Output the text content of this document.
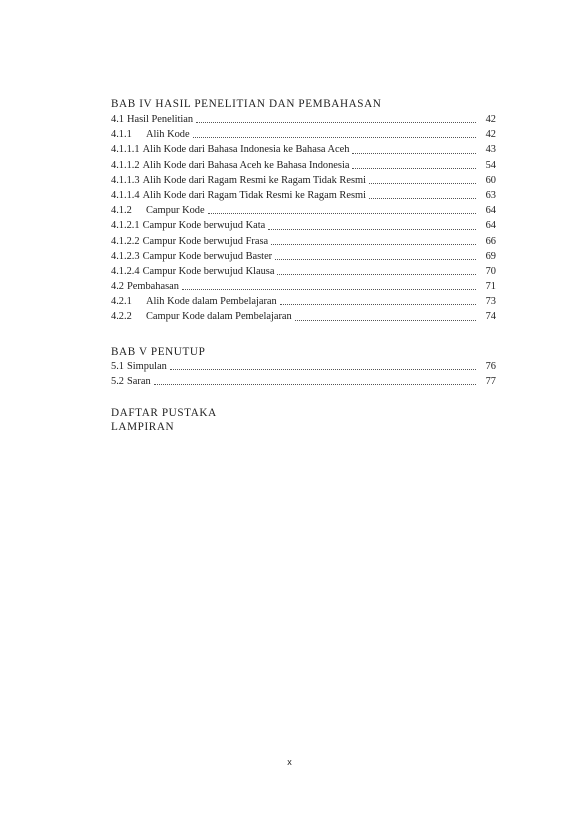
BAB IV HASIL PENELITIAN DAN PEMBAHASAN
4.1 Hasil Penelitian	42
4.1.1	Alih Kode	42
4.1.1.1 Alih Kode dari Bahasa Indonesia ke Bahasa Aceh	43
4.1.1.2 Alih Kode dari Bahasa Aceh ke Bahasa Indonesia	54
4.1.1.3 Alih Kode dari Ragam Resmi ke Ragam Tidak Resmi	60
4.1.1.4 Alih Kode dari Ragam Tidak Resmi ke Ragam Resmi	63
4.1.2	Campur Kode	64
4.1.2.1 Campur Kode berwujud Kata	64
4.1.2.2 Campur Kode berwujud Frasa	66
4.1.2.3 Campur Kode berwujud Baster	69
4.1.2.4 Campur Kode berwujud Klausa	70
4.2 Pembahasan	71
4.2.1	Alih Kode dalam Pembelajaran	73
4.2.2	Campur Kode dalam Pembelajaran	74
BAB V PENUTUP
5.1 Simpulan	76
5.2 Saran	77
DAFTAR PUSTAKA
LAMPIRAN
x
